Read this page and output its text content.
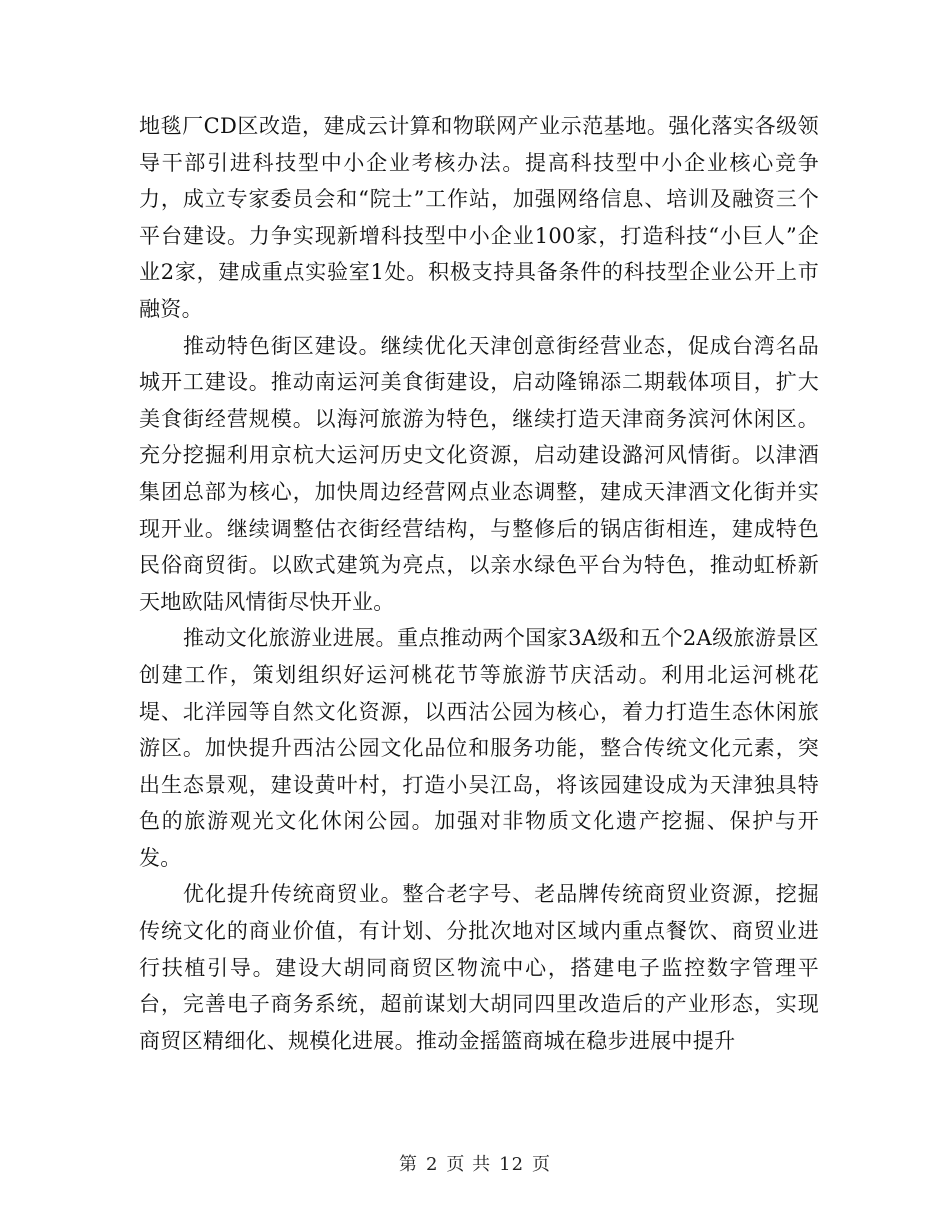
地毯厂CD区改造，建成云计算和物联网产业示范基地。强化落实各级领导干部引进科技型中小企业考核办法。提高科技型中小企业核心竞争力，成立专家委员会和“院士”工作站，加强网络信息、培训及融资三个平台建设。力争实现新增科技型中小企业100家，打造科技“小巨人”企业2家，建成重点实验室1处。积极支持具备条件的科技型企业公开上市融资。

推动特色街区建设。继续优化天津创意街经营业态，促成台湾名品城开工建设。推动南运河美食街建设，启动隆锦添二期载体项目，扩大美食街经营规模。以海河旅游为特色，继续打造天津商务滨河休闲区。充分挖掘利用京杭大运河历史文化资源，启动建设潞河风情街。以津酒集团总部为核心，加快周边经营网点业态调整，建成天津酒文化街并实现开业。继续调整估衣街经营结构，与整修后的锅店街相连，建成特色民俗商贸街。以欧式建筑为亮点，以亲水绿色平台为特色，推动虹桥新天地欧陆风情街尽快开业。

推动文化旅游业进展。重点推动两个国家3A级和五个2A级旅游景区创建工作，策划组织好运河桃花节等旅游节庆活动。利用北运河桃花堤、北洋园等自然文化资源，以西沽公园为核心，着力打造生态休闲旅游区。加快提升西沽公园文化品位和服务功能，整合传统文化元素，突出生态景观，建设黄叶村，打造小吴江岛，将该园建设成为天津独具特色的旅游观光文化休闲公园。加强对非物质文化遗产挖掘、保护与开发。

优化提升传统商贸业。整合老字号、老品牌传统商贸业资源，挖掘传统文化的商业价值，有计划、分批次地对区域内重点餐饮、商贸业进行扶植引导。建设大胡同商贸区物流中心，搭建电子监控数字管理平台，完善电子商务系统，超前谋划大胡同四里改造后的产业形态，实现商贸区精细化、规模化进展。推动金摇篮商城在稳步进展中提升

第 2 页 共 12 页
